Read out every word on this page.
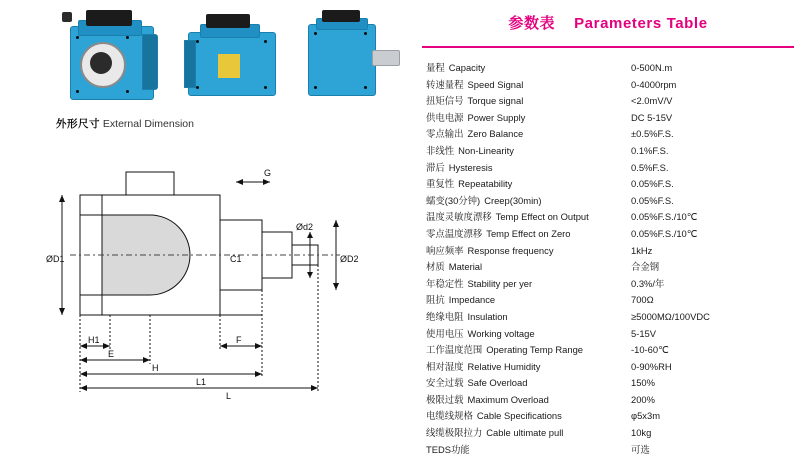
外形尺寸 External Dimension
ØD1	ØD2
Ød2
C1
G
H1
E
H
F
L1
L
参数表 Parameters Table
量程 Capacity	0-500N.m
转速量程 Speed Signal	0-4000rpm
扭矩信号 Torque signal	<2.0mV/V
供电电源 Power Supply	DC 5-15V
零点输出 Zero Balance	±0.5%F.S.
非线性 Non-Linearity	0.1%F.S.
滞后 Hysteresis	0.5%F.S.
重复性 Repeatability	0.05%F.S.
蠕变(30分钟) Creep(30min)	0.05%F.S.
温度灵敏度漂移 Temp Effect on Output	0.05%F.S./10℃
零点温度漂移 Temp Effect on Zero	0.05%F.S./10℃
响应频率 Response frequency	1kHz
材质 Material	合金钢
年稳定性 Stability per yer	0.3%/年
阻抗 Impedance	700Ω
绝缘电阻 Insulation	≥5000MΩ/100VDC
使用电压 Working voltage	5-15V
工作温度范围 Operating Temp Range	-10-60℃
相对湿度 Relative Humidity	0-90%RH
安全过载 Safe Overload	150%
极限过载 Maximum Overload	200%
电缆线规格 Cable Specifications	φ5x3m
线缆极限拉力 Cable ultimate pull	10kg
TEDS功能	可选
